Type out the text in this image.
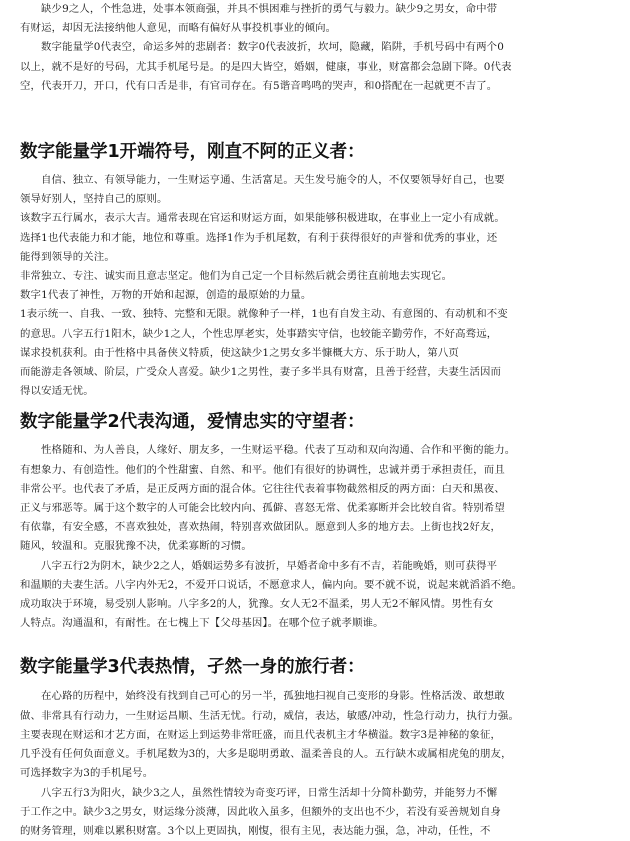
缺少9之人，个性急进，处事本领商强，并具不惧困难与挫折的勇气与毅力。缺少9之男女，命中带

有财运，却因无法接纳他人意见，而略有偏好从事投机事业的倾向。

数字能量学0代表空，命运多舛的悲剧者：数字0代表波折，坎坷，隐藏，陷阱，手机号码中有两个0

以上，就不是好的号码，尤其手机尾号是。的是四大皆空，婚姻，健康，事业，财富都会急剧下降。0代表

空，代表开刀，开口，代有口舌是非，有官司存在。有5谐音鸣鸣的哭声，和0搭配在一起就更不吉了。

数字能量学1开端符号，刚直不阿的正义者：

自信、独立、有领导能力，一生财运亨通、生活富足。天生发号施令的人，不仅要领导好自己，也要

领导好别人，坚持自己的原则。

该数字五行属水，表示大吉。通常表现在官运和财运方面，如果能够积极进取，在事业上一定小有成就。

选择1也代表能力和才能，地位和尊重。选择1作为手机尾数，有利于获得很好的声誉和优秀的事业，还

能得到领导的关注。

非常独立、专注、诚实而且意志坚定。他们为自己定一个目标然后就会勇往直前地去实现它。

数字1代表了神性，万物的开始和起源，创造的最原始的力量。

1表示统一、自我、一致、独特、完整和无限。就像种子一样，1也有自发主动、有意图的、有动机和不变

的意思。八字五行1阳木，缺少1之人，个性忠厚老实，处事踏实守信，也较能辛勤劳作，不好高骛远，

谋求投机获利。由于性格中具备侠义特质，使这缺少1之男女多半慷概大方、乐于助人，第八页

而能游走各领域、阶层，广受众人喜爱。缺少1之男性，妻子多半具有财富，且善于经营，夫妻生活因而

得以安适无忧。

数字能量学2代表沟通，爱情忠实的守望者：

性格随和、为人善良，人缘好、朋友多，一生财运平稳。代表了互动和双向沟通、合作和平衡的能力。

有想象力、有创造性。他们的个性甜蜜、自然、和平。他们有很好的协调性，忠诚并勇于承担责任，而且

非常公平。也代表了矛盾，是正反两方面的混合体。它往往代表着事物截然相反的两方面：白天和黑夜、

正义与邪恶等。属于这个数字的人可能会比较内向、孤僻、喜怒无常、优柔寡断并会比较自省。特别希望

有依靠，有安全感，不喜欢独处，喜欢热闹，特别喜欢做团队。愿意到人多的地方去。上街也找2好友，

随风，较温和。克服犹豫不决，优柔寡断的习惯。

八字五行2为阴木，缺少2之人，婚姻运势多有波折，早婚者命中多有不吉，若能晚婚，则可获得平

和温顺的夫妻生活。八字内外无2，不爱开口说话，不愿意求人，偏内向。要不就不说，说起来就滔滔不绝。

成功取决于环境，易受别人影响。八字多2的人，犹豫。女人无2不温柔，男人无2不解风情。男性有女

人特点。沟通温和，有耐性。在七槐上下【父母基因】。在哪个位子就孝顺谁。

数字能量学3代表热情，孑然一身的旅行者：

在心路的历程中，始终没有找到自己可心的另一半，孤独地扫视自己变形的身影。性格活泼、敢想敢

做、非常具有行动力，一生财运昌顺、生活无忧。行动，威信，表达，敏感/冲动，性急行动力，执行力强。

主要表现在财运和才艺方面，在财运上到运势非常旺盛，而且代表机主才华横溢。数字3是神秘的象征，

几乎没有任何负面意义。手机尾数为3的，大多是聪明勇敢、温柔善良的人。五行缺木或属相虎兔的朋友，

可选择数字为3的手机尾号。

八字五行3为阳火，缺少3之人，虽然性情较为奇变巧评，日常生活却十分简朴勤劳，并能努力不懈

于工作之中。缺少3之男女，财运缘分淡薄，因此收入虽多，但额外的支出也不少，若没有妥善规划自身

的财务管理，则难以累积财富。3个以上更固执，刚愎，很有主见，表达能力强，急，冲动，任性，不
